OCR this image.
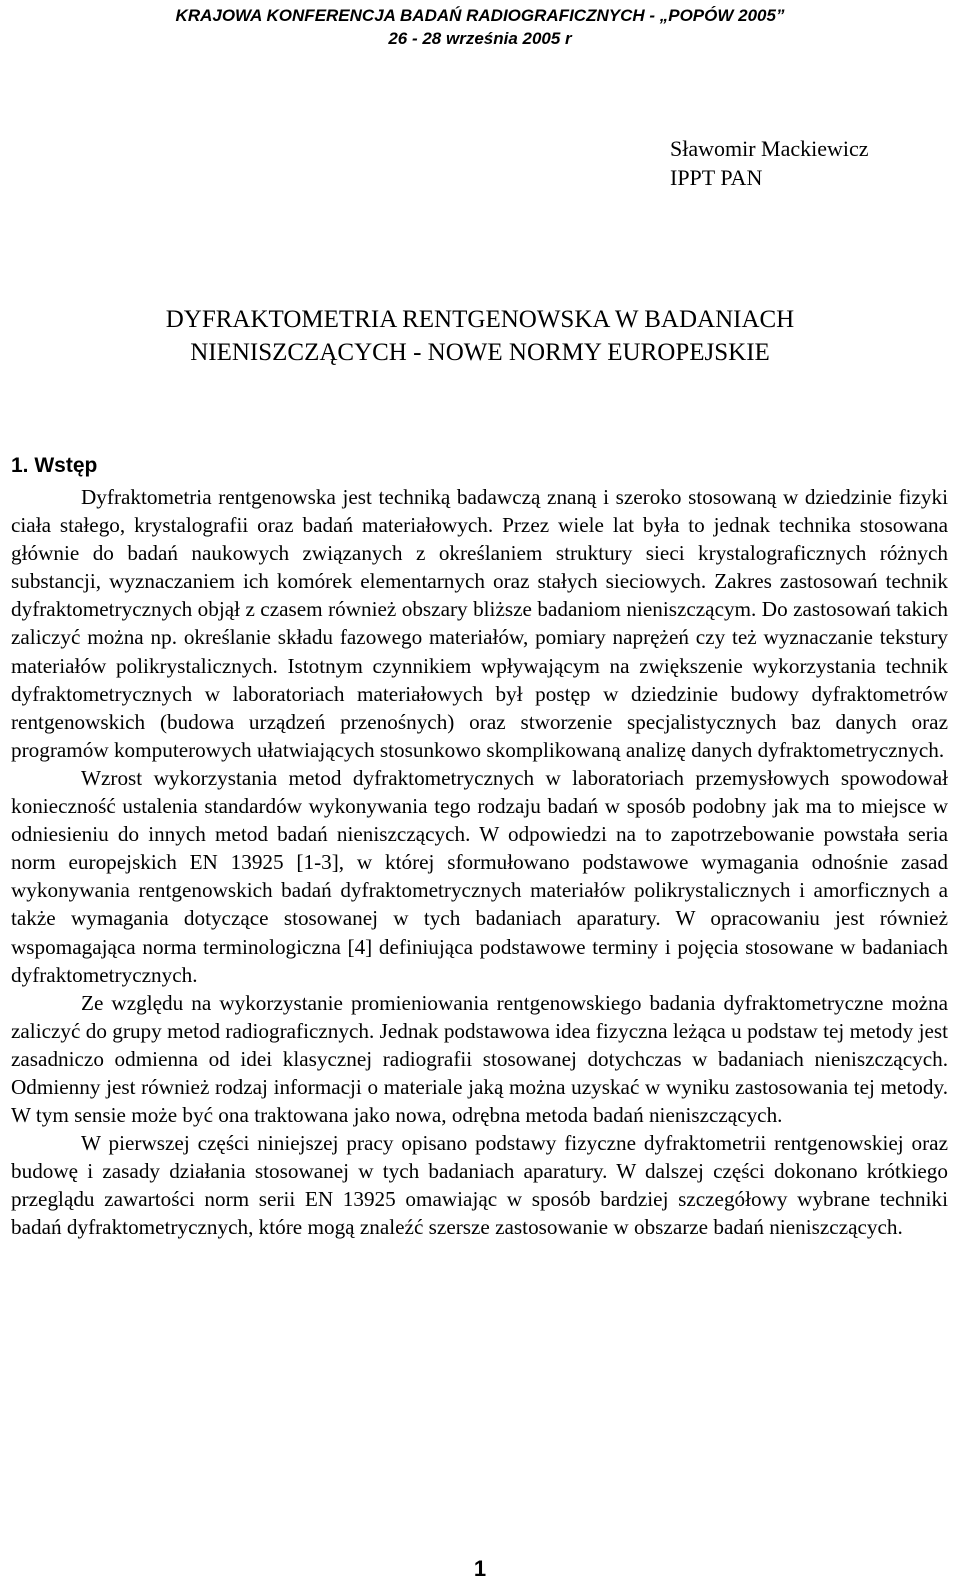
KRAJOWA KONFERENCJA BADAŃ RADIOGRAFICZNYCH - „POPÓW 2005”
26 - 28 września 2005 r
Sławomir Mackiewicz
IPPT PAN
DYFRAKTOMETRIA RENTGENOWSKA W BADANIACH
NIENISZCZĄCYCH - NOWE NORMY EUROPEJSKIE
1. Wstęp

Dyfraktometria rentgenowska jest techniką badawczą znaną i szeroko stosowaną w dziedzinie fizyki ciała stałego, krystalografii oraz badań materiałowych. Przez wiele lat była to jednak technika stosowana głównie do badań naukowych związanych z określaniem struktury sieci krystalograficznych różnych substancji, wyznaczaniem ich komórek elementarnych oraz stałych sieciowych. Zakres zastosowań technik dyfraktometrycznych objął z czasem również obszary bliższe badaniom nieniszczącym. Do zastosowań takich zaliczyć można np. określanie składu fazowego materiałów, pomiary naprężeń czy też wyznaczanie tekstury materiałów polikrystalicznych. Istotnym czynnikiem wpływającym na zwiększenie wykorzystania technik dyfraktometrycznych w laboratoriach materiałowych był postęp w dziedzinie budowy dyfraktometrów rentgenowskich (budowa urządzeń przenośnych) oraz stworzenie specjalistycznych baz danych oraz programów komputerowych ułatwiających stosunkowo skomplikowaną analizę danych dyfraktometrycznych.

Wzrost wykorzystania metod dyfraktometrycznych w laboratoriach przemysłowych spowodował konieczność ustalenia standardów wykonywania tego rodzaju badań w sposób podobny jak ma to miejsce w odniesieniu do innych metod badań nieniszczących. W odpowiedzi na to zapotrzebowanie powstała seria norm europejskich EN 13925 [1-3], w której sformułowano podstawowe wymagania odnośnie zasad wykonywania rentgenowskich badań dyfraktometrycznych materiałów polikrystalicznych i amorficznych a także wymagania dotyczące stosowanej w tych badaniach aparatury. W opracowaniu jest również wspomagająca norma terminologiczna [4] definiująca podstawowe terminy i pojęcia stosowane w badaniach dyfraktometrycznych.

Ze względu na wykorzystanie promieniowania rentgenowskiego badania dyfraktometryczne można zaliczyć do grupy metod radiograficznych. Jednak podstawowa idea fizyczna leżąca u podstaw tej metody jest zasadniczo odmienna od idei klasycznej radiografii stosowanej dotychczas w badaniach nieniszczących. Odmienny jest również rodzaj informacji o materiale jaką można uzyskać w wyniku zastosowania tej metody. W tym sensie może być ona traktowana jako nowa, odrębna metoda badań nieniszczących.

W pierwszej części niniejszej pracy opisano podstawy fizyczne dyfraktometrii rentgenowskiej oraz budowę i zasady działania stosowanej w tych badaniach aparatury. W dalszej części dokonano krótkiego przeglądu zawartości norm serii EN 13925 omawiając w sposób bardziej szczegółowy wybrane techniki badań dyfraktometrycznych, które mogą znaleźć szersze zastosowanie w obszarze badań nieniszczących.

1
